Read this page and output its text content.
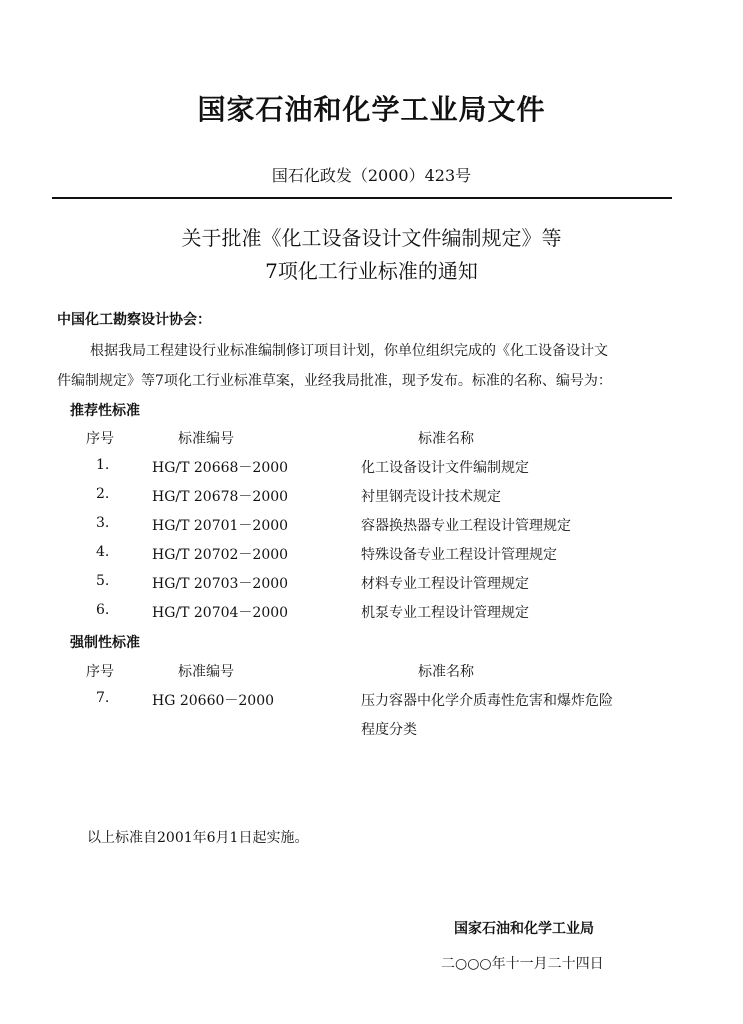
国家石油和化学工业局文件
国石化政发（2000）423号
关于批准《化工设备设计文件编制规定》等
7项化工行业标准的通知
中国化工勘察设计协会：
根据我局工程建设行业标准编制修订项目计划，你单位组织完成的《化工设备设计文
件编制规定》等7项化工行业标准草案，业经我局批准，现予发布。标准的名称、编号为：
推荐性标准
序号	标准编号	标准名称
1.	HG/T 20668－2000	化工设备设计文件编制规定
2.	HG/T 20678－2000	衬里钢壳设计技术规定
3.	HG/T 20701－2000	容器换热器专业工程设计管理规定
4.	HG/T 20702－2000	特殊设备专业工程设计管理规定
5.	HG/T 20703－2000	材料专业工程设计管理规定
6.	HG/T 20704－2000	机泵专业工程设计管理规定
强制性标准
序号	标准编号	标准名称
7.	HG 20660－2000	压力容器中化学介质毒性危害和爆炸危险
程度分类
以上标准自2001年6月1日起实施。
国家石油和化学工业局
二○○○年十一月二十四日
